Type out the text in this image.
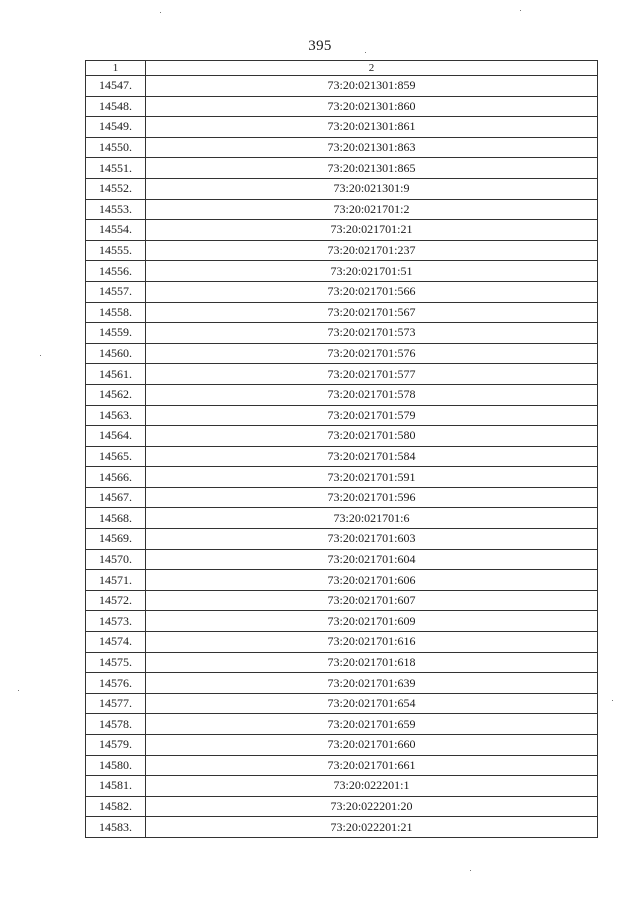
395
1	2
14547.	73:20:021301:859
14548.	73:20:021301:860
14549.	73:20:021301:861
14550.	73:20:021301:863
14551.	73:20:021301:865
14552.	73:20:021301:9
14553.	73:20:021701:2
14554.	73:20:021701:21
14555.	73:20:021701:237
14556.	73:20:021701:51
14557.	73:20:021701:566
14558.	73:20:021701:567
14559.	73:20:021701:573
14560.	73:20:021701:576
14561.	73:20:021701:577
14562.	73:20:021701:578
14563.	73:20:021701:579
14564.	73:20:021701:580
14565.	73:20:021701:584
14566.	73:20:021701:591
14567.	73:20:021701:596
14568.	73:20:021701:6
14569.	73:20:021701:603
14570.	73:20:021701:604
14571.	73:20:021701:606
14572.	73:20:021701:607
14573.	73:20:021701:609
14574.	73:20:021701:616
14575.	73:20:021701:618
14576.	73:20:021701:639
14577.	73:20:021701:654
14578.	73:20:021701:659
14579.	73:20:021701:660
14580.	73:20:021701:661
14581.	73:20:022201:1
14582.	73:20:022201:20
14583.	73:20:022201:21
